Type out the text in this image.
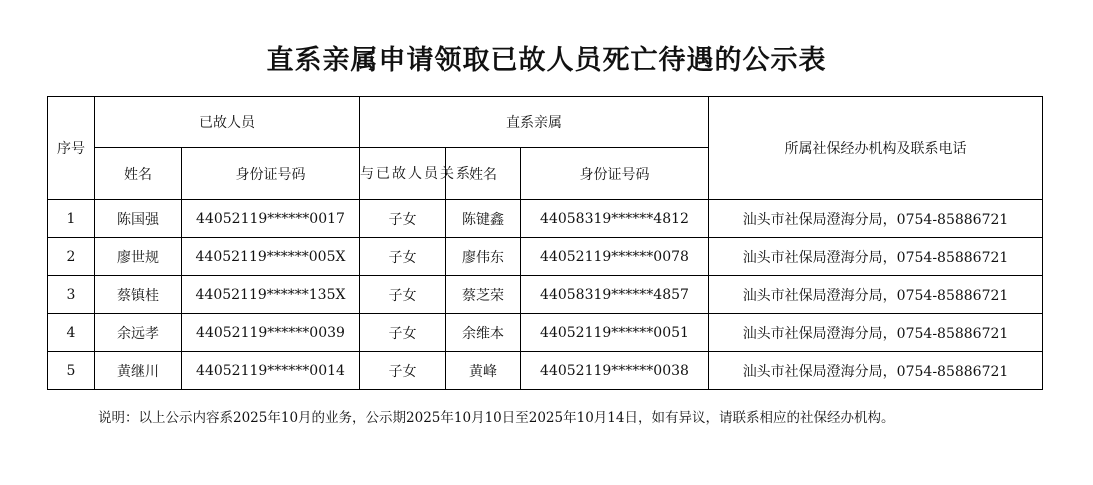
直系亲属申请领取已故人员死亡待遇的公示表
序号	已故人员		直系亲属			所属社保经办机构及联系电话
	姓名	身份证号码	与已故人员关系	姓名	身份证号码	
1	陈国强	44052119******0017	子女	陈键鑫	44058319******4812	汕头市社保局澄海分局，0754-85886721
2	廖世规	44052119******005X	子女	廖伟东	44052119******0078	汕头市社保局澄海分局，0754-85886721
3	蔡镇桂	44052119******135X	子女	蔡芝荣	44058319******4857	汕头市社保局澄海分局，0754-85886721
4	余远孝	44052119******0039	子女	余维本	44052119******0051	汕头市社保局澄海分局，0754-85886721
5	黄继川	44052119******0014	子女	黄峰	44052119******0038	汕头市社保局澄海分局，0754-85886721
说明：以上公示内容系2025年10月的业务，公示期2025年10月10日至2025年10月14日，如有异议，请联系相应的社保经办机构。
